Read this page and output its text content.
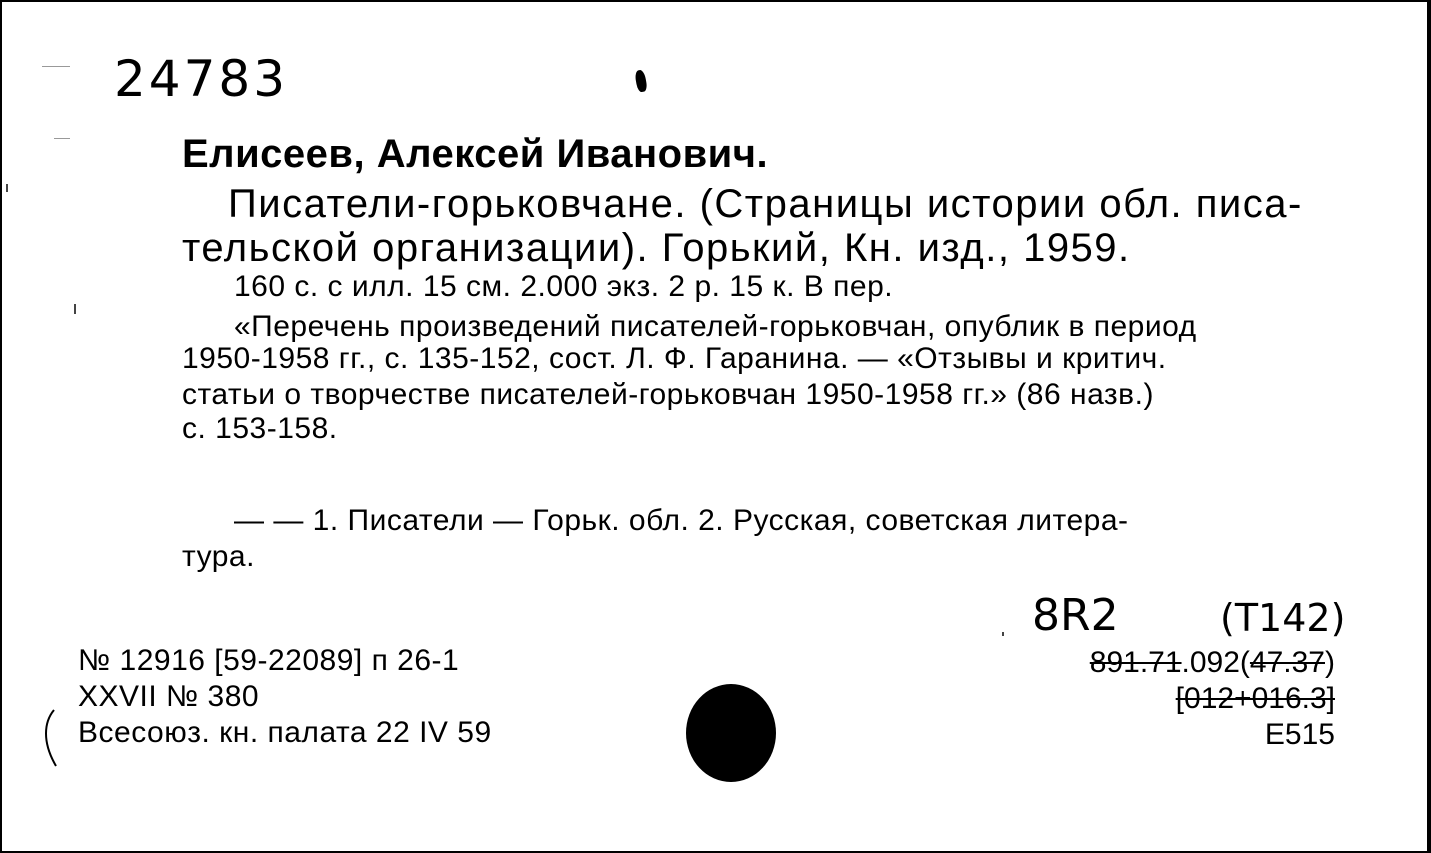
24783
Елисеев, Алексей Иванович.
Писатели-горьковчане. (Страницы истории обл. писа-
тельской организации). Горький, Кн. изд., 1959.
160 с. с илл. 15 см. 2.000 экз. 2 р. 15 к. В пер.
«Перечень произведений писателей-горьковчан, опублик в период
1950-1958 гг., с. 135-152, сост. Л. Ф. Гаранина. — «Отзывы и критич.
статьи о творчестве писателей-горьковчан 1950-1958 гг.» (86 назв.)
с. 153-158.
— — 1. Писатели — Горьк. обл. 2. Русская, советская литера-
тура.
№ 12916 [59-22089] п 26-1
XXVII № 380
Всесоюз. кн. палата 22 IV 59
8R2	(Т142)
891.71.092(47.37)
[012+016.3]
Е515
